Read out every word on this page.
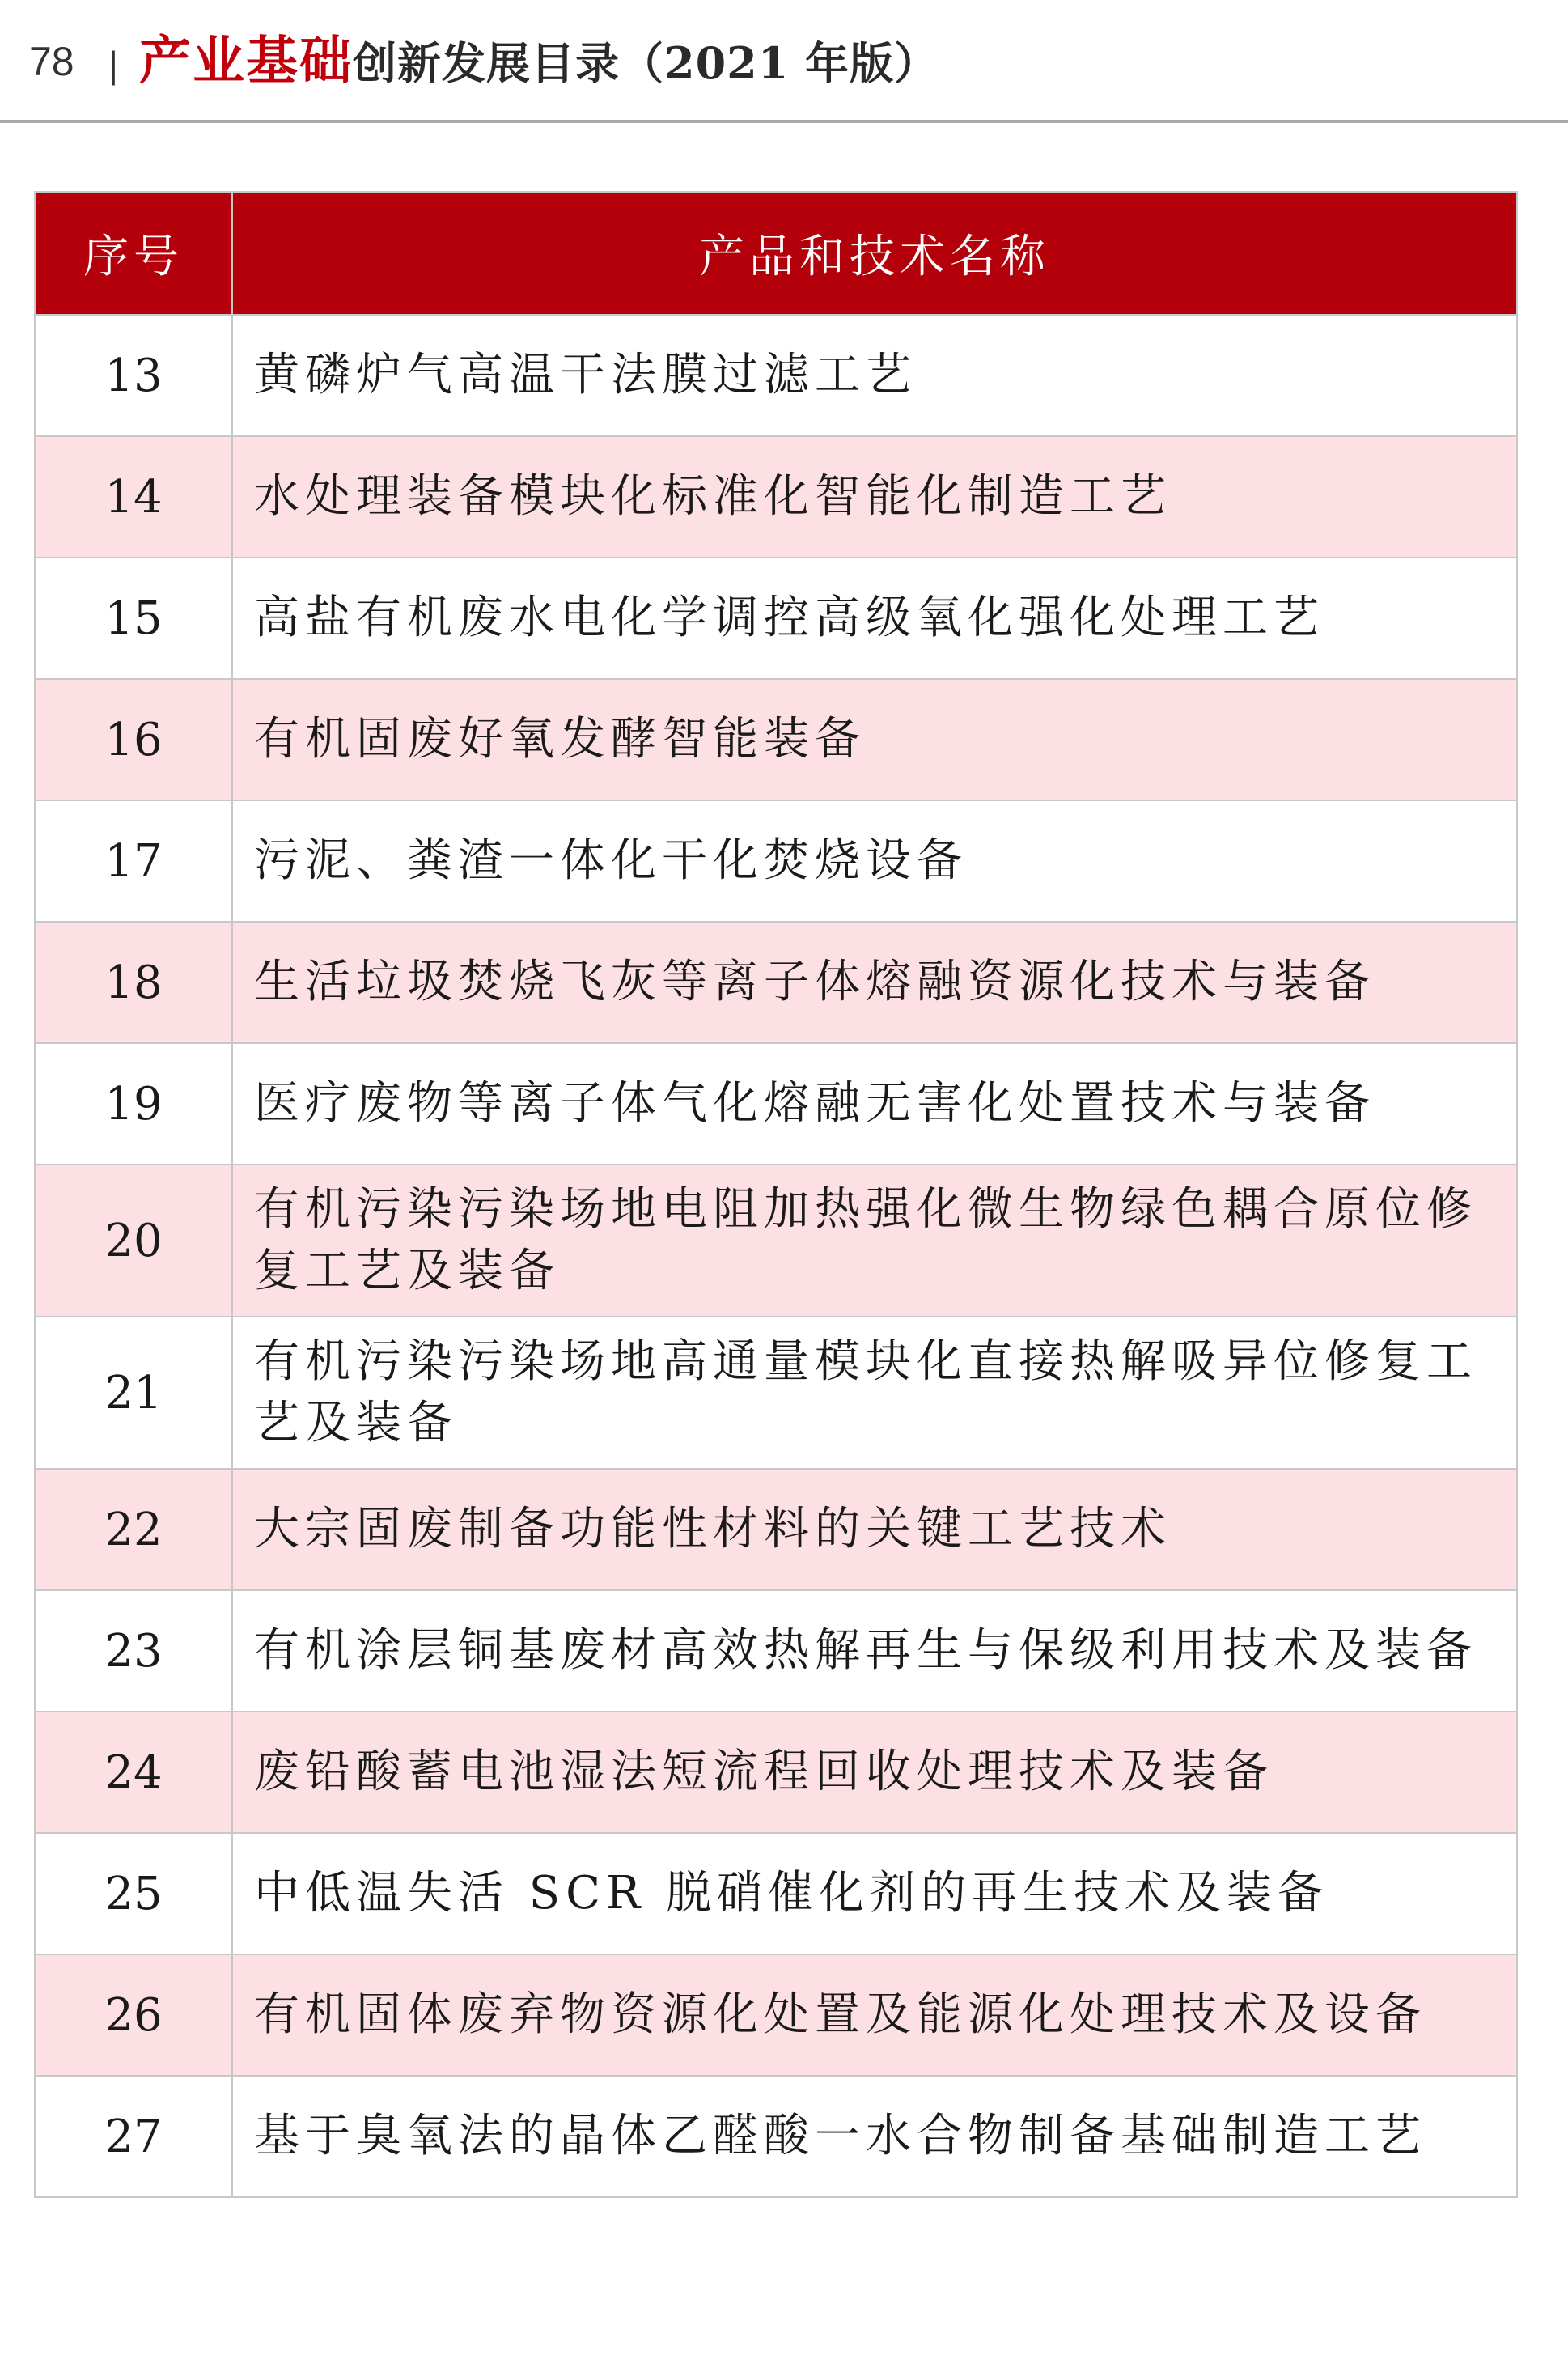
78 | 产业基础创新发展目录（2021 年版）
序号	产品和技术名称
13	黄磷炉气高温干法膜过滤工艺
14	水处理装备模块化标准化智能化制造工艺
15	高盐有机废水电化学调控高级氧化强化处理工艺
16	有机固废好氧发酵智能装备
17	污泥、粪渣一体化干化焚烧设备
18	生活垃圾焚烧飞灰等离子体熔融资源化技术与装备
19	医疗废物等离子体气化熔融无害化处置技术与装备
20	有机污染污染场地电阻加热强化微生物绿色耦合原位修复工艺及装备
21	有机污染污染场地高通量模块化直接热解吸异位修复工艺及装备
22	大宗固废制备功能性材料的关键工艺技术
23	有机涂层铜基废材高效热解再生与保级利用技术及装备
24	废铅酸蓄电池湿法短流程回收处理技术及装备
25	中低温失活 SCR 脱硝催化剂的再生技术及装备
26	有机固体废弃物资源化处置及能源化处理技术及设备
27	基于臭氧法的晶体乙醛酸一水合物制备基础制造工艺
